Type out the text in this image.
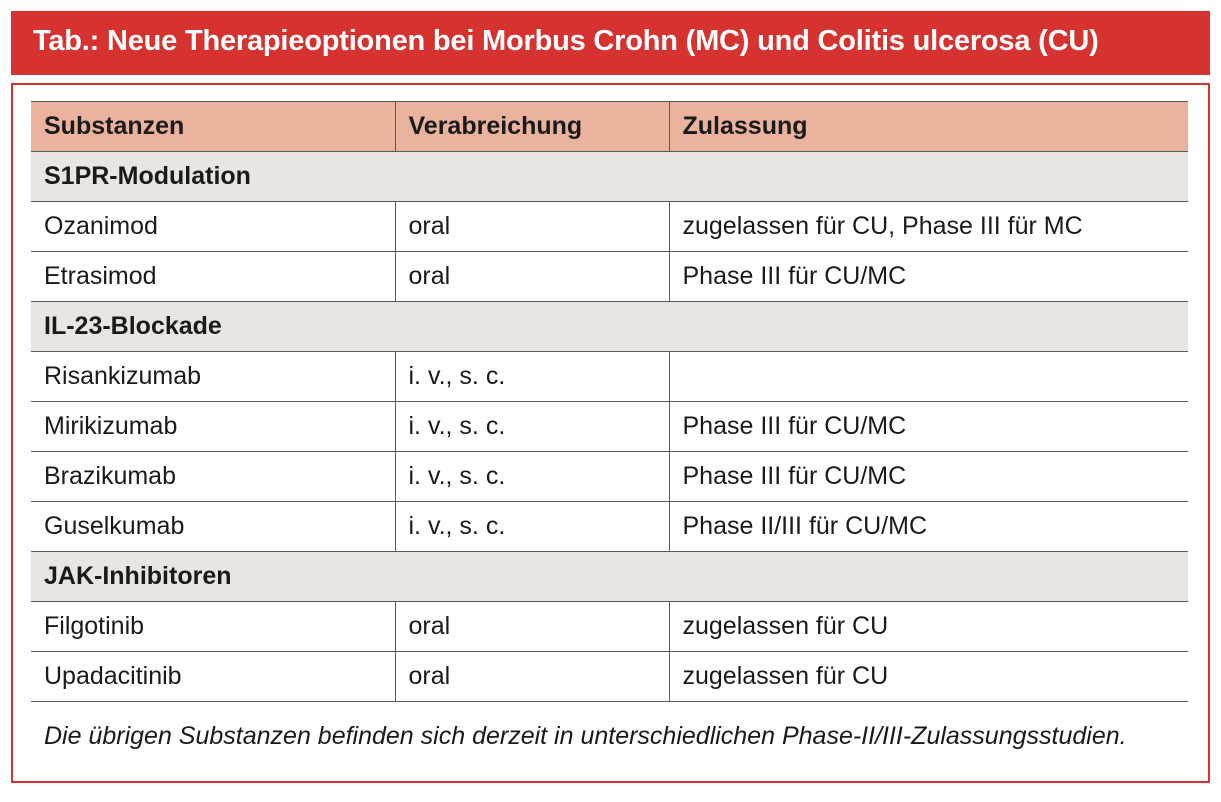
Tab.: Neue Therapieoptionen bei Morbus Crohn (MC) und Colitis ulcerosa (CU)
Substanzen	Verabreichung	Zulassung
S1PR-Modulation		
Ozanimod	oral	zugelassen für CU, Phase III für MC
Etrasimod	oral	Phase III für CU/MC
IL-23-Blockade		
Risankizumab	i. v., s. c.	
Mirikizumab	i. v., s. c.	Phase III für CU/MC
Brazikumab	i. v., s. c.	Phase III für CU/MC
Guselkumab	i. v., s. c.	Phase II/III für CU/MC
JAK-Inhibitoren		
Filgotinib	oral	zugelassen für CU
Upadacitinib	oral	zugelassen für CU
Die übrigen Substanzen befinden sich derzeit in unterschiedlichen Phase-II/III-Zulassungsstudien.
